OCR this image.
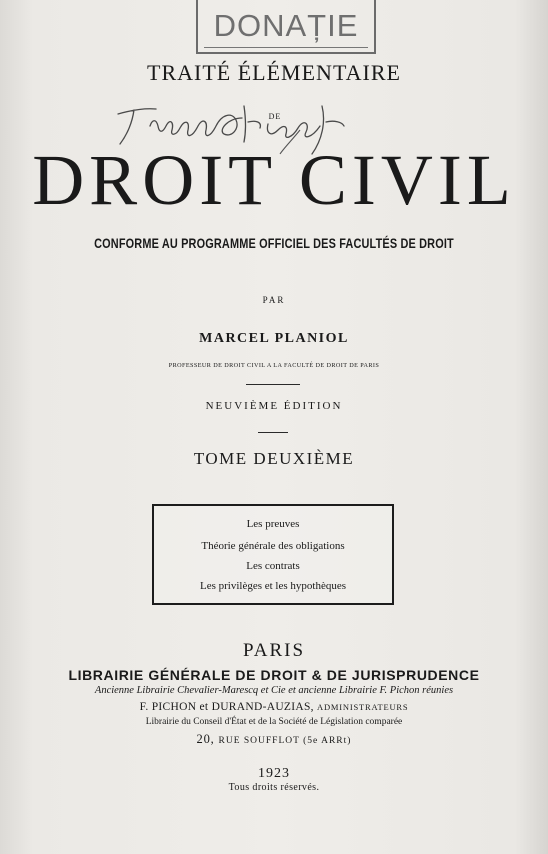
DONAȚIE
TRAITÉ ÉLÉMENTAIRE
DE
DROIT CIVIL
CONFORME AU PROGRAMME OFFICIEL DES FACULTÉS DE DROIT
PAR
MARCEL PLANIOL
PROFESSEUR DE DROIT CIVIL A LA FACULTÉ DE DROIT DE PARIS
NEUVIÈME ÉDITION
TOME DEUXIÈME
Les preuves
Théorie générale des obligations
Les contrats
Les privilèges et les hypothèques
PARIS
LIBRAIRIE GÉNÉRALE DE DROIT & DE JURISPRUDENCE
Ancienne Librairie Chevalier-Marescq et Cie et ancienne Librairie F. Pichon réunies
F. PICHON et DURAND-AUZIAS, ADMINISTRATEURS
Librairie du Conseil d'État et de la Société de Législation comparée
20, RUE SOUFFLOT (5e ARRt)
1923
Tous droits réservés.
